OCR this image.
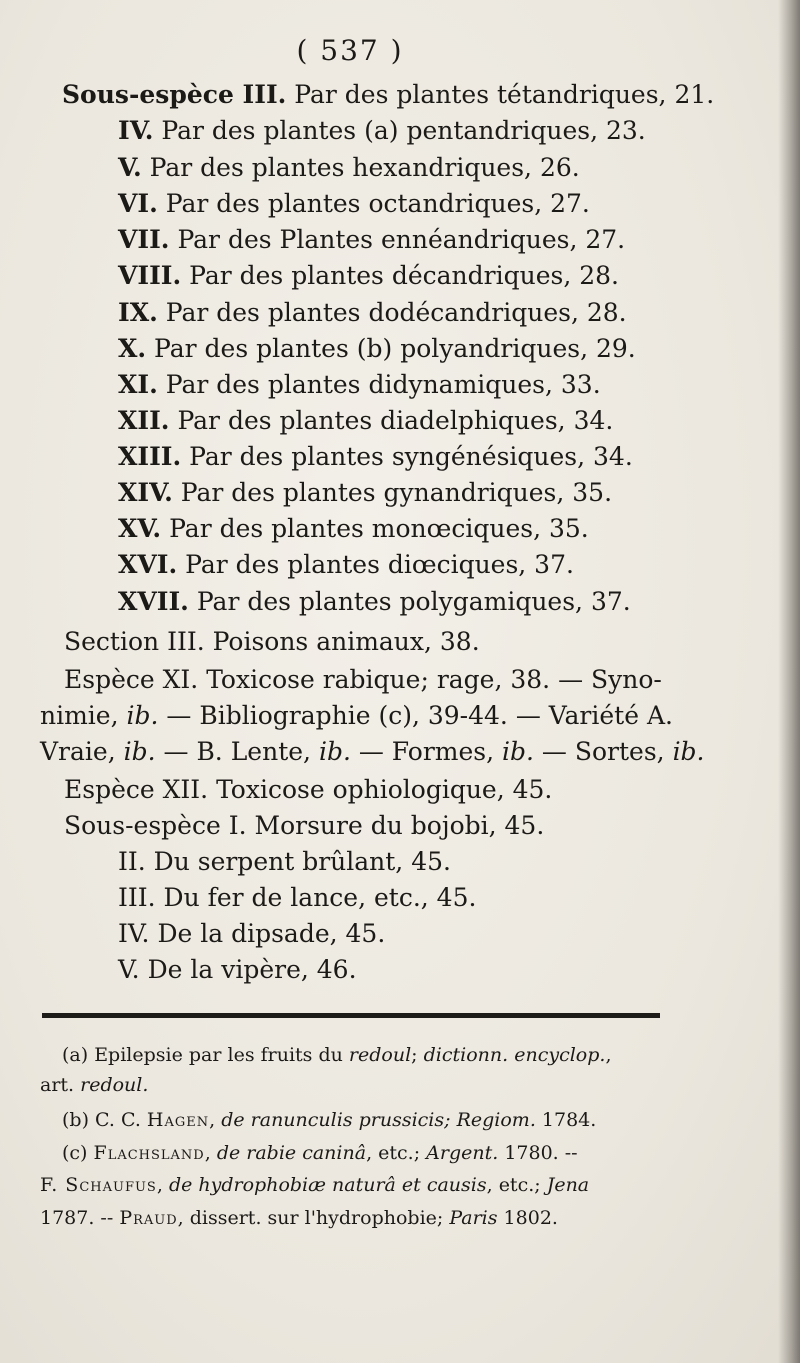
( 537 )
Sous-espèce III. Par des plantes tétandriques, 21.
IV. Par des plantes (a) pentandriques, 23.
V. Par des plantes hexandriques, 26.
VI. Par des plantes octandriques, 27.
VII. Par des Plantes ennéandriques, 27.
VIII. Par des plantes décandriques, 28.
IX. Par des plantes dodécandriques, 28.
X. Par des plantes (b) polyandriques, 29.
XI. Par des plantes didynamiques, 33.
XII. Par des plantes diadelphiques, 34.
XIII. Par des plantes syngénésiques, 34.
XIV. Par des plantes gynandriques, 35.
XV. Par des plantes monœciques, 35.
XVI. Par des plantes diœciques, 37.
XVII. Par des plantes polygamiques, 37.
Section III. Poisons animaux, 38.
Espèce XI. Toxicose rabique; rage, 38. — Syno-
nimie, ib. — Bibliographie (c), 39-44. — Variété A.
Vraie, ib. — B. Lente, ib. — Formes, ib. — Sortes, ib.
Espèce XII. Toxicose ophiologique, 45.
Sous-espèce I. Morsure du bojobi, 45.
II. Du serpent brûlant, 45.
III. Du fer de lance, etc., 45.
IV. De la dipsade, 45.
V. De la vipère, 46.
(a) Epilepsie par les fruits du redoul; dictionn. encyclop.,
art. redoul.
(b) C. C. Hagen, de ranunculis prussicis; Regiom. 1784.
(c) Flachsland, de rabie caninâ, etc.; Argent. 1780. --
F. Schaufus, de hydrophobiæ naturâ et causis, etc.; Jena
1787. -- Praud, dissert. sur l'hydrophobie; Paris 1802.
